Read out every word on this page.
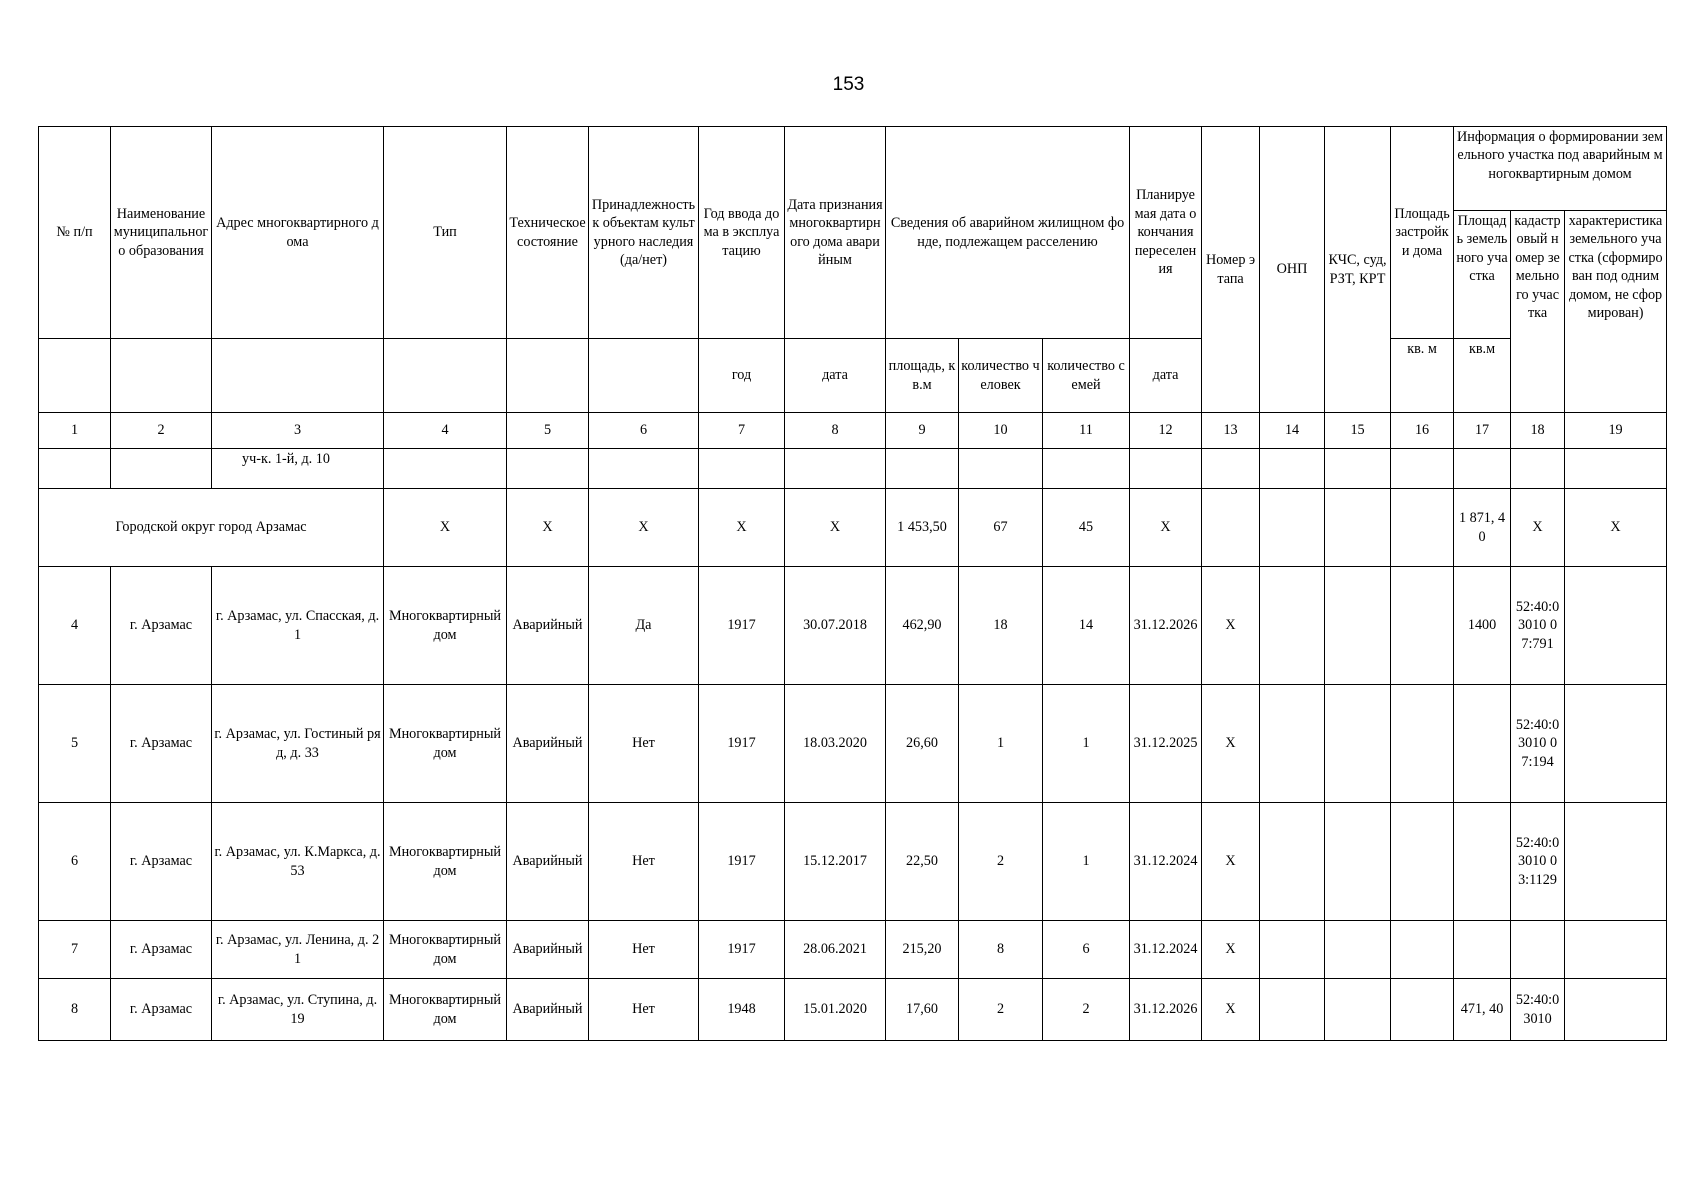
153
№ п/п	Наименование муниципального образования	Адрес многоквартирного дома	Тип	Техническое состояние	Принадлежность к объектам культурного наследия (да/нет)	Год ввода дома в эксплуатацию	Дата признания многоквартирного дома аварийным	Сведения об аварийном жилищном фонде, подлежащем расселению			Планируемая дата окончания переселения	Номер этапа	ОНП	КЧС, суд, РЗТ, КРТ	Площадь застройки дома	Информация о формировании земельного участка под аварийным многоквартирным домом		
																Площадь земельного участка	кадастровый номер земельного участка	характеристика земельного участка (сформирован под одним домом, не сформирован)
						год	дата	площадь, кв.м	количество человек	количество семей	дата				кв. м	кв.м		
1	2	3	4	5	6	7	8	9	10	11	12	13	14	15	16	17	18	19
		уч-к. 1-й, д. 10																
Городской округ город Арзамас			X	X	X	X	X	1 453,50	67	45	X					1 871, 40	X	X
4	г. Арзамас	г. Арзамас, ул. Спасская, д. 1	Многоквартирный дом	Аварийный	Да	1917	30.07.2018	462,90	18	14	31.12.2026	X				1400	52:40:03010 07:791	
5	г. Арзамас	г. Арзамас, ул. Гостиный ряд, д. 33	Многоквартирный дом	Аварийный	Нет	1917	18.03.2020	26,60	1	1	31.12.2025	X					52:40:03010 07:194	
6	г. Арзамас	г. Арзамас, ул. К.Маркса, д. 53	Многоквартирный дом	Аварийный	Нет	1917	15.12.2017	22,50	2	1	31.12.2024	X					52:40:03010 03:1129	
7	г. Арзамас	г. Арзамас, ул. Ленина, д. 21	Многоквартирный дом	Аварийный	Нет	1917	28.06.2021	215,20	8	6	31.12.2024	X						
8	г. Арзамас	г. Арзамас, ул. Ступина, д. 19	Многоквартирный дом	Аварийный	Нет	1948	15.01.2020	17,60	2	2	31.12.2026	X				471, 40	52:40:03010	
